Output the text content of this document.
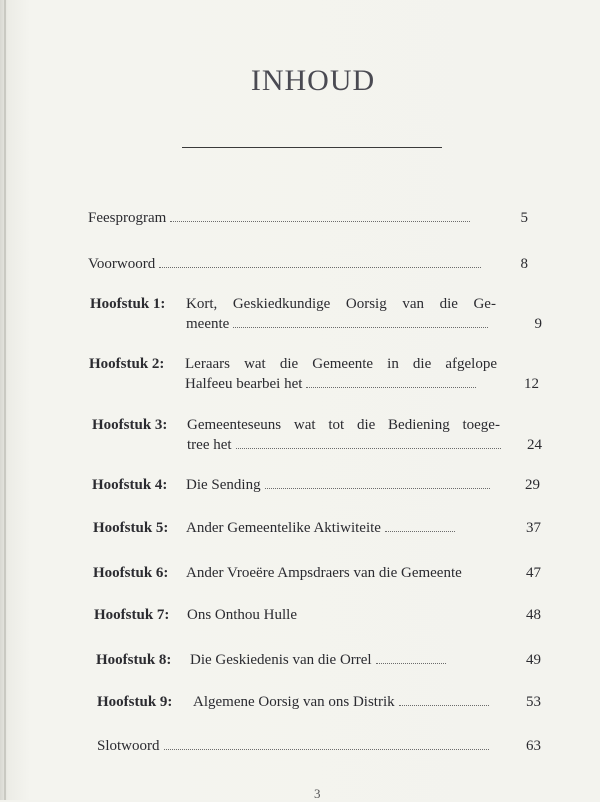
INHOUD
Feesprogram	5
Voorwoord	8
Hoofstuk 1: Kort, Geskiedkundige Oorsig van die Ge-
meente	9
Hoofstuk 2: Leraars wat die Gemeente in die afgelope
Halfeeu bearbei het	12
Hoofstuk 3: Gemeenteseuns wat tot die Bediening toege-
tree het	24
Hoofstuk 4: Die Sending	29
Hoofstuk 5: Ander Gemeentelike Aktiwiteite	37
Hoofstuk 6: Ander Vroeëre Ampsdraers van die Gemeente	47
Hoofstuk 7: Ons Onthou Hulle	48
Hoofstuk 8: Die Geskiedenis van die Orrel	49
Hoofstuk 9: Algemene Oorsig van ons Distrik	53
Slotwoord	63
3
